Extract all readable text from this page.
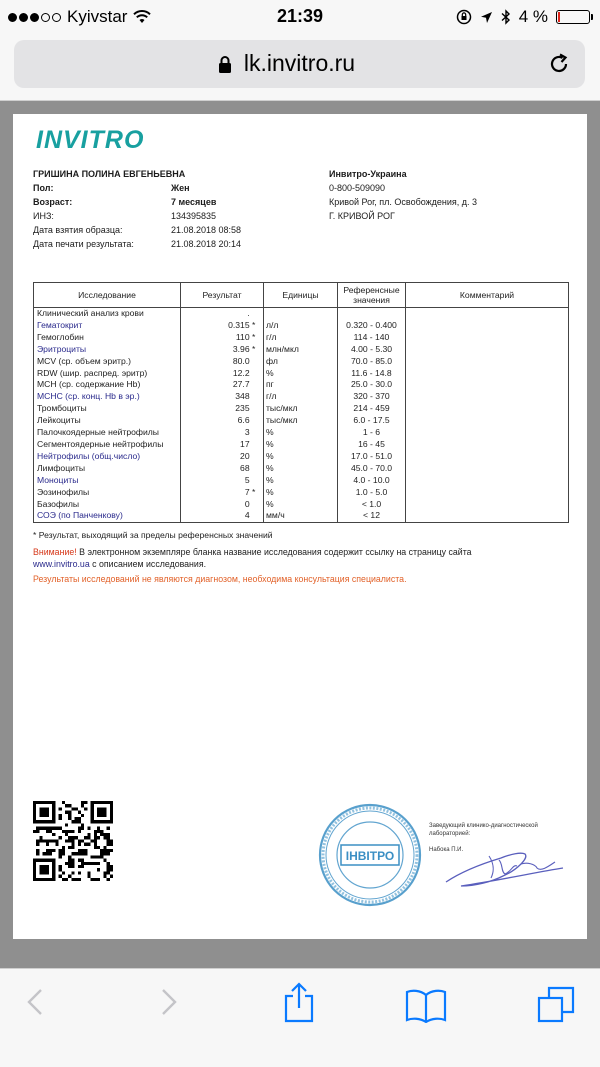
Kyivstar	21:39	4 %
lk.invitro.ru
INVITRO
ГРИШИНА ПОЛИНА ЕВГЕНЬЕВНА
Пол:	Жен
Возраст:	7 месяцев
ИНЗ:	134395835
Дата взятия образца:	21.08.2018 08:58
Дата печати результата:	21.08.2018 20:14
Инвитро-Украина
0-800-509090
Кривой Рог, пл. Освобождения, д. 3
Г. КРИВОЙ РОГ
Исследование	Результат	Единицы	Референсные значения	Комментарий
Клинический анализ крови	.			
Гематокрит	0.315 *	л/л	0.320 - 0.400	
Гемоглобин	110 *	г/л	114 - 140	
Эритроциты	3.96 *	млн/мкл	4.00 - 5.30	
MCV (ср. объем эритр.)	80.0	фл	70.0 - 85.0	
RDW (шир. распред. эритр)	12.2	%	11.6 - 14.8	
MCH (ср. содержание Hb)	27.7	пг	25.0 - 30.0	
MCHC (ср. конц. Hb в эр.)	348	г/л	320 - 370	
Тромбоциты	235	тыс/мкл	214 - 459	
Лейкоциты	6.6	тыс/мкл	6.0 - 17.5	
Палочкоядерные нейтрофилы	3	%	1 - 6	
Сегментоядерные нейтрофилы	17	%	16 - 45	
Нейтрофилы (общ.число)	20	%	17.0 - 51.0	
Лимфоциты	68	%	45.0 - 70.0	
Моноциты	5	%	4.0 - 10.0	
Эозинофилы	7 *	%	1.0 - 5.0	
Базофилы	0	%	< 1.0	
СОЭ (по Панченкову)	4	мм/ч	< 12	
* Результат, выходящий за пределы референсных значений
Внимание! В электронном экземпляре бланка название исследования содержит ссылку на страницу сайта
www.invitro.ua с описанием исследования.
Результаты исследований не являются диагнозом, необходима консультация специалиста.
ІНВІТРО
Заведующий клинико-диагностической лабораторией:
Набока П.И.
